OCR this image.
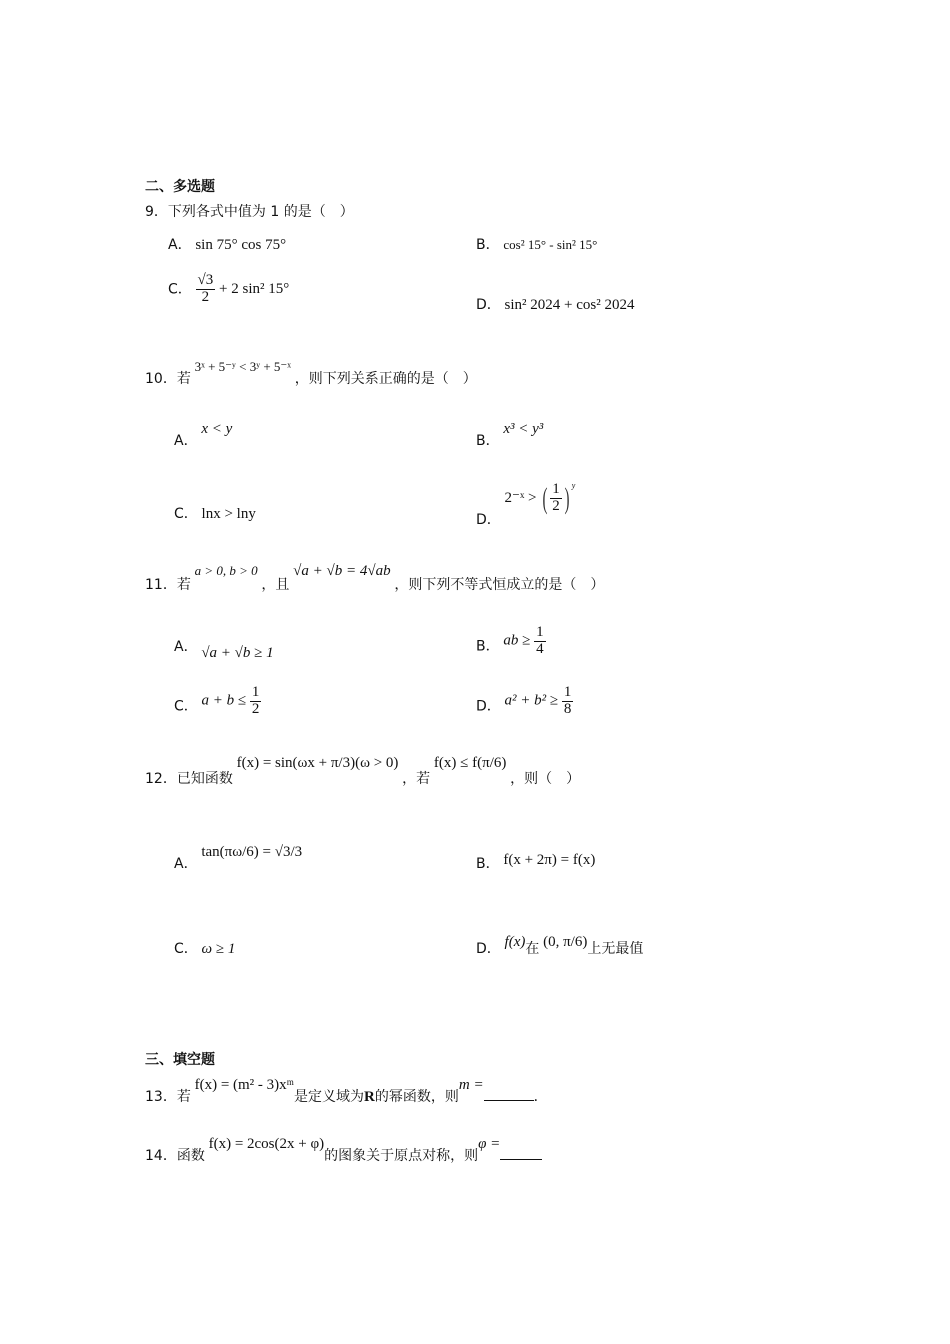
二、多选题
9．下列各式中值为 1 的是（　）
A． sin 75° cos 75°	B． cos² 15° - sin² 15°
C． $\frac{√3}{2} + 2$ sin² 15°
D． sin² 2024 + cos² 2024
10．若 3ˣ + 5⁻ʸ < 3ʸ + 5⁻ˣ ，则下列关系正确的是（　）
A． x < y
B． x³ < y³
C． lnx > lny	D． 2⁻ˣ > ( $\frac{1}{2}$ ) $^y$
11．若 a > 0, b > 0 ，且 √a + √b = 4√ab ，则下列不等式恒成立的是（　）
A． √a + √b ≥ 1	B． ab ≥ $\frac{1}{4}$
C． $a + b \le \frac{1}{2}$	D． $a^2 + b^2 \ge \frac{1}{8}$
12．已知函数 f(x) = sin(ωx + π/3)(ω > 0) ，若 f(x) ≤ f(π/6) ，则（　）
A． tan(πω/6) = √3/3
B． f(x + 2π) = f(x)
C． ω ≥ 1	D． f(x)在 (0, π/6)上无最值
三、填空题
13．若 f(x) = (m² - 3)xᵐ是定义域为R的幂函数，则m =．
14．函数 f(x) = 2cos(2x + φ)的图象关于原点对称，则φ =
